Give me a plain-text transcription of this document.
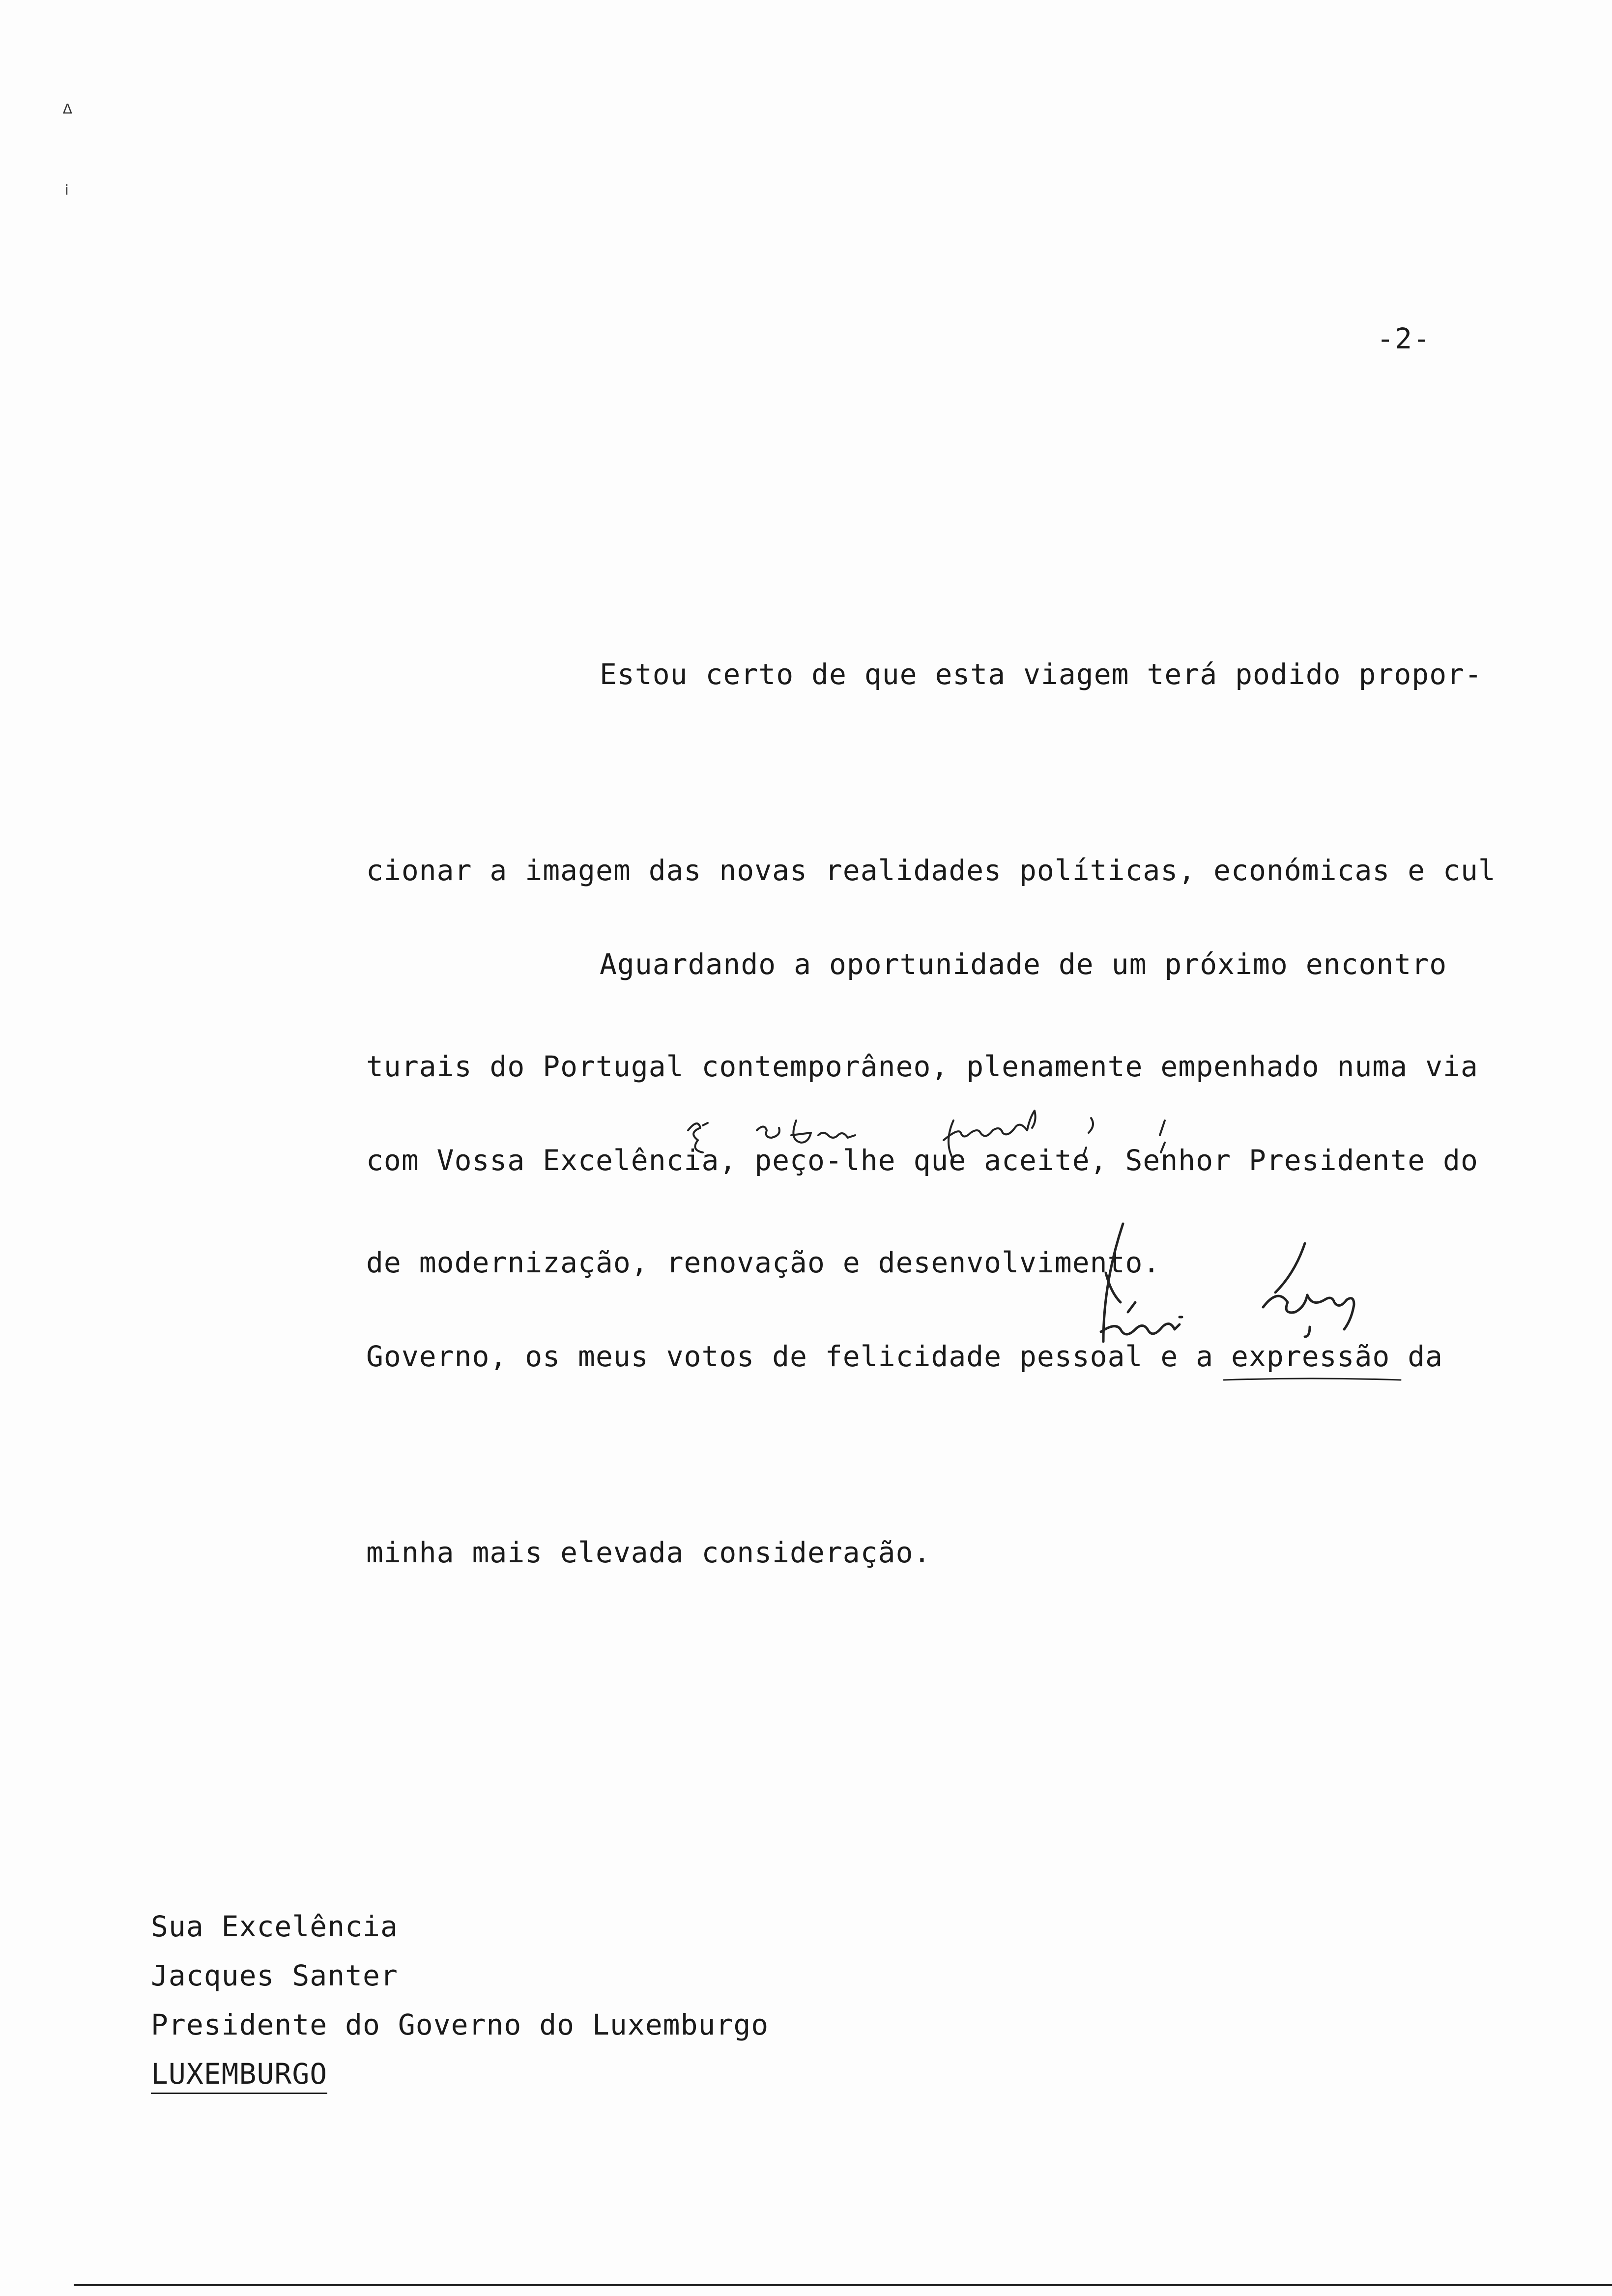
∆
i
-2-

Estou certo de que esta viagem terá podido propor-

cionar a imagem das novas realidades políticas, económicas e cul

turais do Portugal contemporâneo, plenamente empenhado numa via

de modernização, renovação e desenvolvimento.

Aguardando a oportunidade de um próximo encontro

com Vossa Excelência, peço-lhe que aceite, Senhor Presidente do

Governo, os meus votos de felicidade pessoal e a expressão da

minha mais elevada consideração.

Sua Excelência
Jacques Santer
Presidente do Governo do Luxemburgo
LUXEMBURGO
